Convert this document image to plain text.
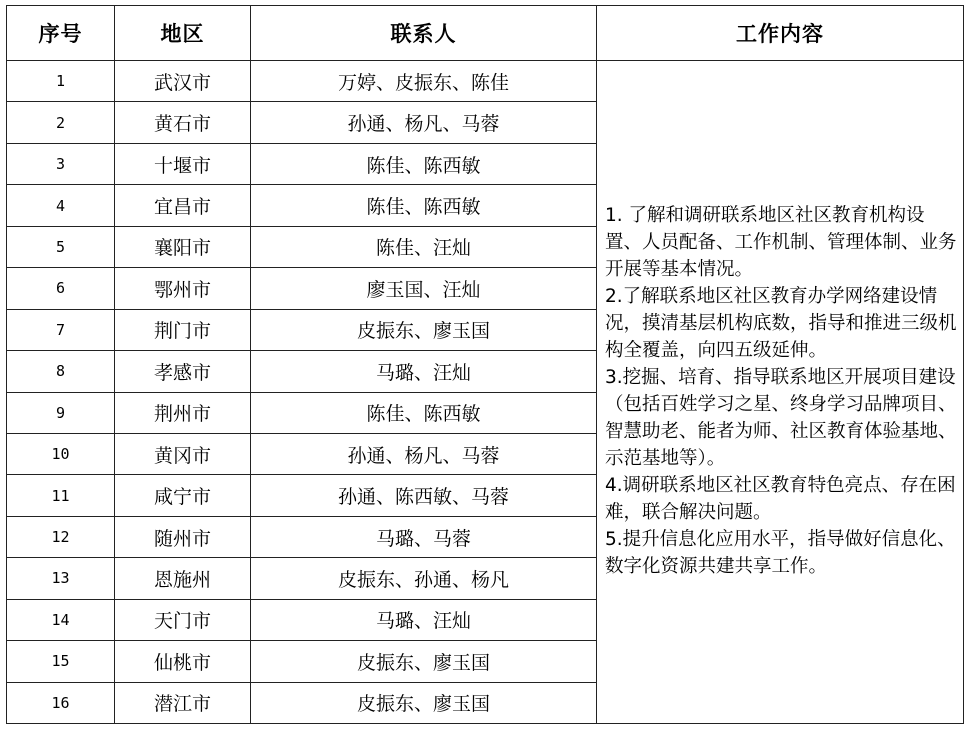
序号	地区	联系人	工作内容
1	武汉市	万婷、皮振东、陈佳	1. 了解和调研联系地区社区教育机构设置、人员配备、工作机制、管理体制、业务开展等基本情况。
2.了解联系地区社区教育办学网络建设情况，摸清基层机构底数，指导和推进三级机构全覆盖，向四五级延伸。
3.挖掘、培育、指导联系地区开展项目建设（包括百姓学习之星、终身学习品牌项目、智慧助老、能者为师、社区教育体验基地、示范基地等）。
4.调研联系地区社区教育特色亮点、存在困难，联合解决问题。
5.提升信息化应用水平，指导做好信息化、数字化资源共建共享工作。
2	黄石市	孙通、杨凡、马蓉	
3	十堰市	陈佳、陈西敏	
4	宜昌市	陈佳、陈西敏	
5	襄阳市	陈佳、汪灿	
6	鄂州市	廖玉国、汪灿	
7	荆门市	皮振东、廖玉国	
8	孝感市	马璐、汪灿	
9	荆州市	陈佳、陈西敏	
10	黄冈市	孙通、杨凡、马蓉	
11	咸宁市	孙通、陈西敏、马蓉	
12	随州市	马璐、马蓉	
13	恩施州	皮振东、孙通、杨凡	
14	天门市	马璐、汪灿	
15	仙桃市	皮振东、廖玉国	
16	潜江市	皮振东、廖玉国	
